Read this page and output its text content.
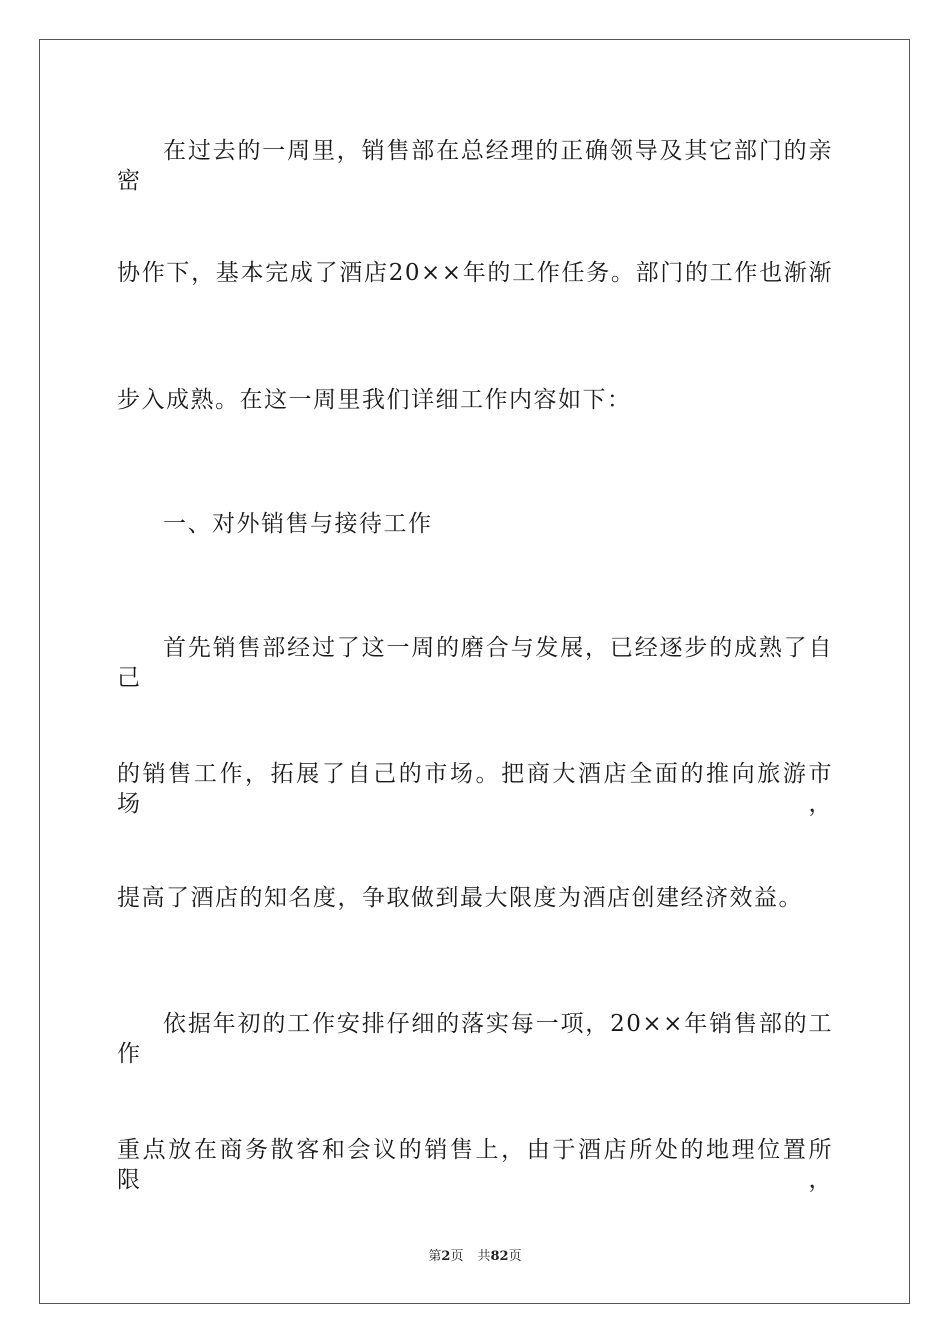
在过去的一周里，销售部在总经理的正确领导及其它部门的亲密
协作下，基本完成了酒店20××年的工作任务。部门的工作也渐渐
步入成熟。在这一周里我们详细工作内容如下：
一、对外销售与接待工作
首先销售部经过了这一周的磨合与发展，已经逐步的成熟了自己
的销售工作，拓展了自己的市场。把商大酒店全面的推向旅游市场，
提高了酒店的知名度，争取做到最大限度为酒店创建经济效益。
依据年初的工作安排仔细的落实每一项，20××年销售部的工作
重点放在商务散客和会议的销售上，由于酒店所处的地理位置所限，
第2页 共82页
